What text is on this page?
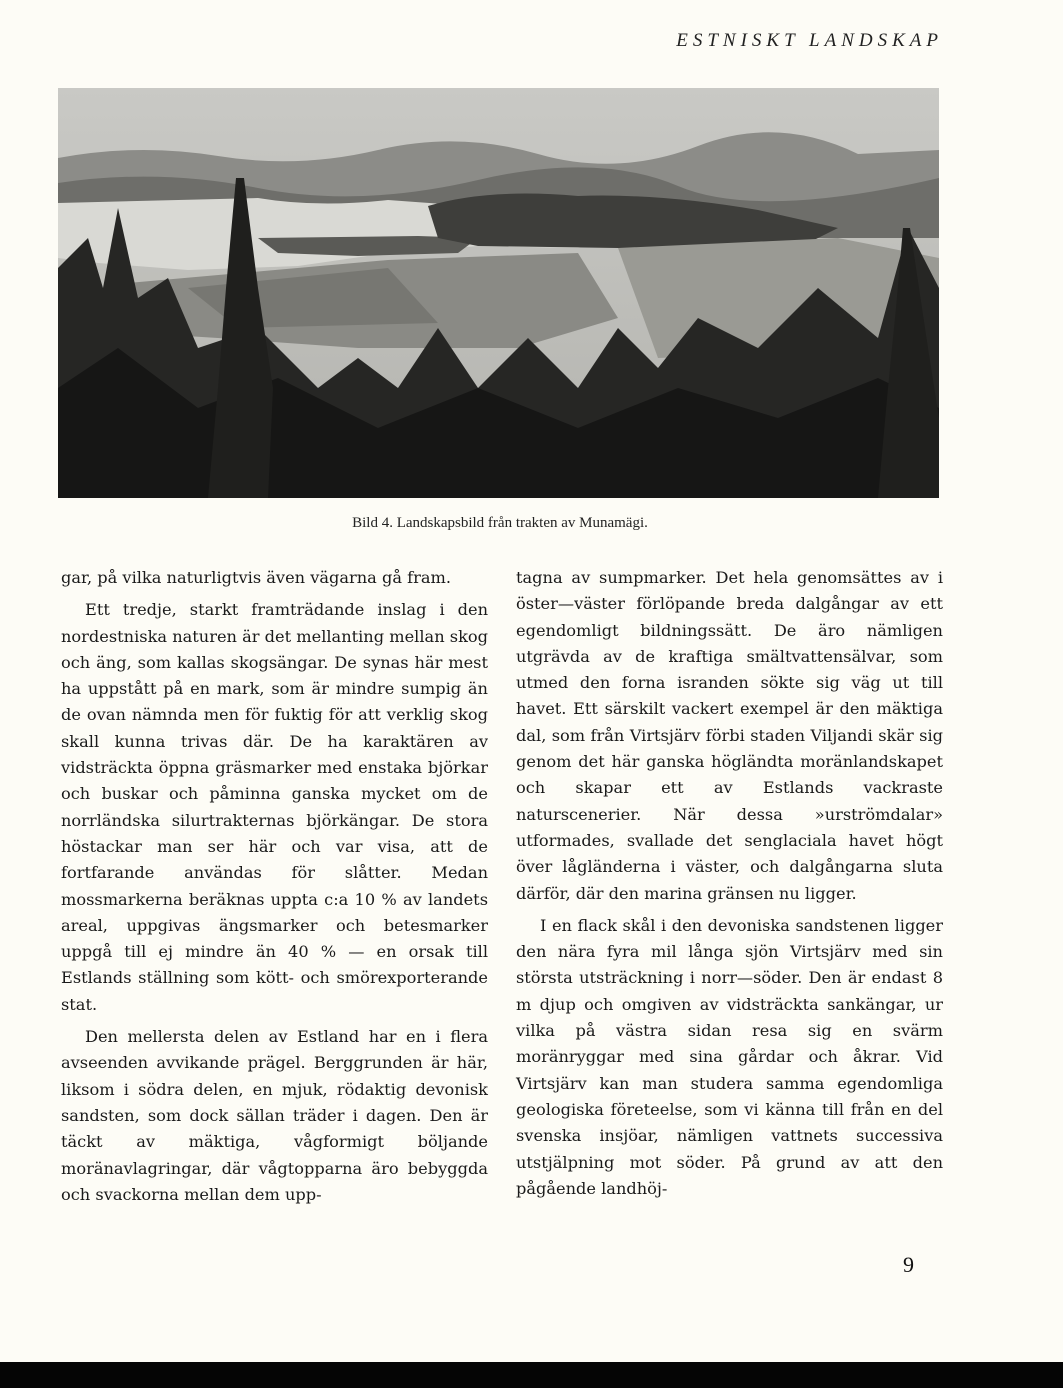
ESTNISKT LANDSKAP
Bild 4. Landskapsbild från trakten av Munamägi.

gar, på vilka naturligtvis även vägarna gå fram.

Ett tredje, starkt framträdande inslag i den nordestniska naturen är det mellanting mellan skog och äng, som kallas skogsängar. De synas här mest ha uppstått på en mark, som är mindre sumpig än de ovan nämnda men för fuktig för att verklig skog skall kunna trivas där. De ha karaktären av vidsträckta öppna gräsmarker med enstaka björkar och buskar och påminna ganska mycket om de norrländska silurtrakternas björkängar. De stora höstackar man ser här och var visa, att de fortfarande användas för slåtter. Medan mossmarkerna beräknas uppta c:a 10 % av landets areal, uppgivas ängsmarker och betesmarker uppgå till ej mindre än 40 % — en orsak till Estlands ställning som kött- och smörexporterande stat.

Den mellersta delen av Estland har en i flera avseenden avvikande prägel. Berggrunden är här, liksom i södra delen, en mjuk, rödaktig devonisk sandsten, som dock sällan träder i dagen. Den är täckt av mäktiga, vågformigt böljande moränavlagringar, där vågtopparna äro bebyggda och svackorna mellan dem upp-

tagna av sumpmarker. Det hela genomsättes av i öster—väster förlöpande breda dalgångar av ett egendomligt bildningssätt. De äro nämligen utgrävda av de kraftiga smältvattensälvar, som utmed den forna isranden sökte sig väg ut till havet. Ett särskilt vackert exempel är den mäktiga dal, som från Virtsjärv förbi staden Viljandi skär sig genom det här ganska högländta moränlandskapet och skapar ett av Estlands vackraste naturscenerier. När dessa »urströmdalar» utformades, svallade det senglaciala havet högt över lågländerna i väster, och dalgångarna sluta därför, där den marina gränsen nu ligger.

I en flack skål i den devoniska sandstenen ligger den nära fyra mil långa sjön Virtsjärv med sin största utsträckning i norr—söder. Den är endast 8 m djup och omgiven av vidsträckta sankängar, ur vilka på västra sidan resa sig en svärm moränryggar med sina gårdar och åkrar. Vid Virtsjärv kan man studera samma egendomliga geologiska företeelse, som vi känna till från en del svenska insjöar, nämligen vattnets successiva utstjälpning mot söder. På grund av att den pågående landhöj-

9
